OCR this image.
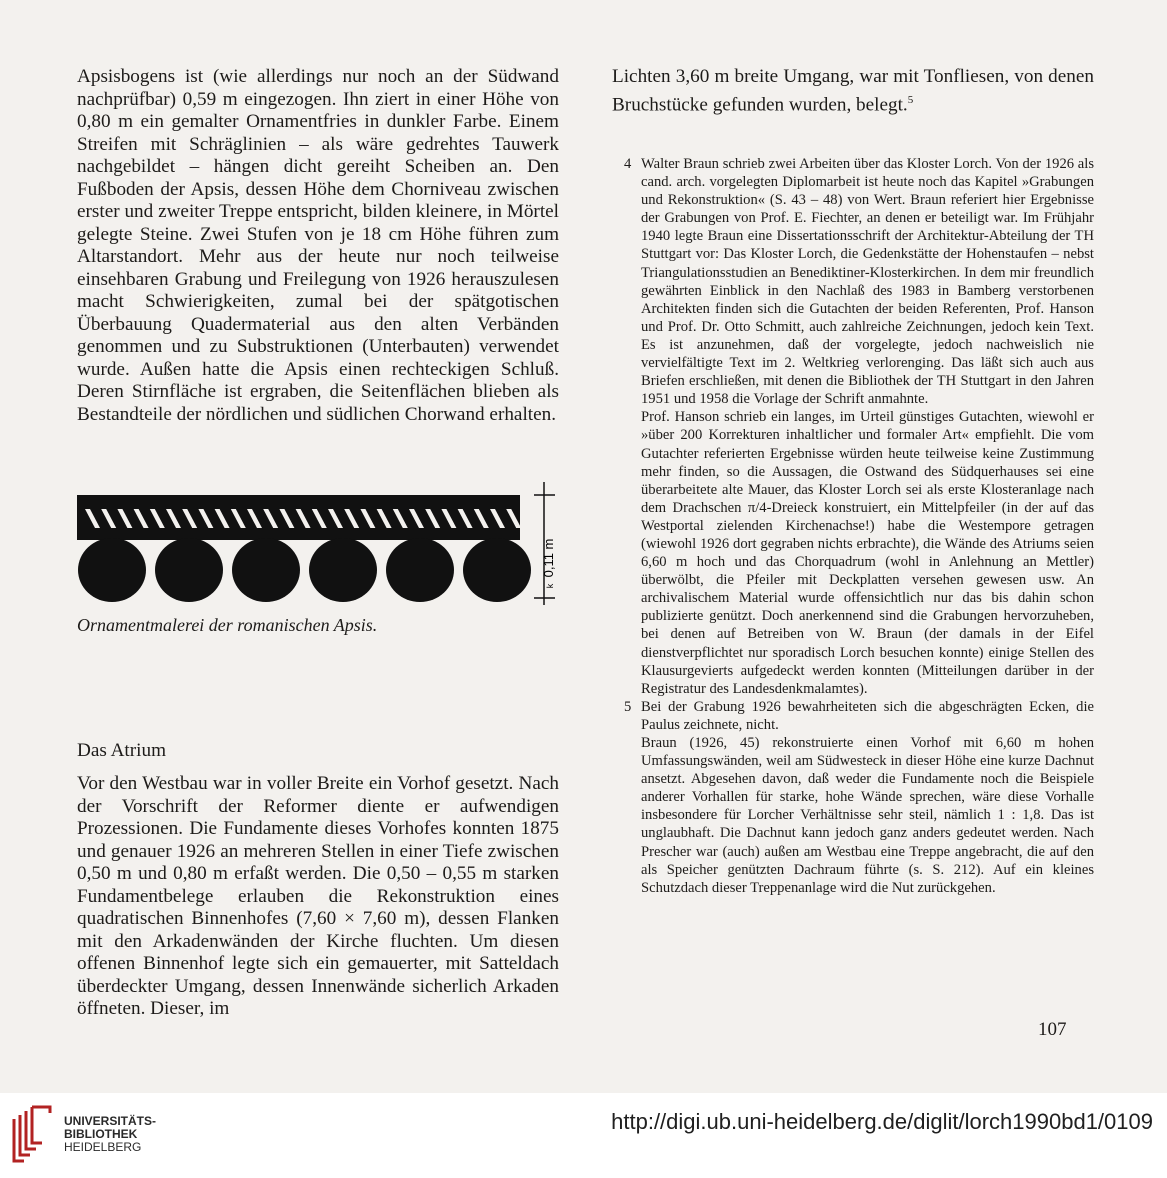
Apsisbogens ist (wie allerdings nur noch an der Südwand nachprüfbar) 0,59 m eingezogen. Ihn ziert in einer Höhe von 0,80 m ein gemalter Ornamentfries in dunkler Farbe. Einem Streifen mit Schräglinien – als wäre gedrehtes Tauwerk nachgebildet – hängen dicht gereiht Scheiben an. Den Fußboden der Apsis, dessen Höhe dem Chorniveau zwischen erster und zweiter Treppe entspricht, bilden kleinere, in Mörtel gelegte Steine. Zwei Stufen von je 18 cm Höhe führen zum Altarstandort. Mehr aus der heute nur noch teilweise einsehbaren Grabung und Freilegung von 1926 herauszulesen macht Schwierigkeiten, zumal bei der spätgotischen Überbauung Quadermaterial aus den alten Verbänden genommen und zu Substruktionen (Unterbauten) verwendet wurde. Außen hatte die Apsis einen rechteckigen Schluß. Deren Stirnfläche ist ergraben, die Seitenflächen blieben als Bestandteile der nördlichen und südlichen Chorwand erhalten.

0,11 m
k
Ornamentmalerei der romanischen Apsis.
Das Atrium

Vor den Westbau war in voller Breite ein Vorhof gesetzt. Nach der Vorschrift der Reformer diente er aufwendigen Prozessionen. Die Fundamente dieses Vorhofes konnten 1875 und genauer 1926 an mehreren Stellen in einer Tiefe zwischen 0,50 m und 0,80 m erfaßt werden. Die 0,50 – 0,55 m starken Fundamentbelege erlauben die Rekonstruktion eines quadratischen Binnenhofes (7,60 × 7,60 m), dessen Flanken mit den Arkadenwänden der Kirche fluchten. Um diesen offenen Binnenhof legte sich ein gemauerter, mit Satteldach überdeckter Umgang, dessen Innenwände sicherlich Arkaden öffneten. Dieser, im

Lichten 3,60 m breite Umgang, war mit Tonfliesen, von denen Bruchstücke gefunden wurden, belegt.$^5$

4 Walter Braun schrieb zwei Arbeiten über das Kloster Lorch. Von der 1926 als cand. arch. vorgelegten Diplomarbeit ist heute noch das Kapitel »Grabungen und Rekonstruktion« (S. 43 – 48) von Wert. Braun referiert hier Ergebnisse der Grabungen von Prof. E. Fiechter, an denen er beteiligt war. Im Frühjahr 1940 legte Braun eine Dissertationsschrift der Architektur-Abteilung der TH Stuttgart vor: Das Kloster Lorch, die Gedenkstätte der Hohenstaufen – nebst Triangulationsstudien an Benediktiner-Klosterkirchen. In dem mir freundlich gewährten Einblick in den Nachlaß des 1983 in Bamberg verstorbenen Architekten finden sich die Gutachten der beiden Referenten, Prof. Hanson und Prof. Dr. Otto Schmitt, auch zahlreiche Zeichnungen, jedoch kein Text. Es ist anzunehmen, daß der vorgelegte, jedoch nachweislich nie vervielfältigte Text im 2. Weltkrieg verlorenging. Das läßt sich auch aus Briefen erschließen, mit denen die Bibliothek der TH Stuttgart in den Jahren 1951 und 1958 die Vorlage der Schrift anmahnte.

Prof. Hanson schrieb ein langes, im Urteil günstiges Gutachten, wiewohl er »über 200 Korrekturen inhaltlicher und formaler Art« empfiehlt. Die vom Gutachter referierten Ergebnisse würden heute teilweise keine Zustimmung mehr finden, so die Aussagen, die Ostwand des Südquerhauses sei eine überarbeitete alte Mauer, das Kloster Lorch sei als erste Klosteranlage nach dem Drachschen π/4-Dreieck konstruiert, ein Mittelpfeiler (in der auf das Westportal zielenden Kirchenachse!) habe die Westempore getragen (wiewohl 1926 dort gegraben nichts erbrachte), die Wände des Atriums seien 6,60 m hoch und das Chorquadrum (wohl in Anlehnung an Mettler) überwölbt, die Pfeiler mit Deckplatten versehen gewesen usw. An archivalischem Material wurde offensichtlich nur das bis dahin schon publizierte genützt. Doch anerkennend sind die Grabungen hervorzuheben, bei denen auf Betreiben von W. Braun (der damals in der Eifel dienstverpflichtet nur sporadisch Lorch besuchen konnte) einige Stellen des Klausurgevierts aufgedeckt werden konnten (Mitteilungen darüber in der Registratur des Landesdenkmalamtes).

5 Bei der Grabung 1926 bewahrheiteten sich die abgeschrägten Ecken, die Paulus zeichnete, nicht.

Braun (1926, 45) rekonstruierte einen Vorhof mit 6,60 m hohen Umfassungswänden, weil am Südwesteck in dieser Höhe eine kurze Dachnut ansetzt. Abgesehen davon, daß weder die Fundamente noch die Beispiele anderer Vorhallen für starke, hohe Wände sprechen, wäre diese Vorhalle insbesondere für Lorcher Verhältnisse sehr steil, nämlich 1 : 1,8. Das ist unglaubhaft. Die Dachnut kann jedoch ganz anders gedeutet werden. Nach Prescher war (auch) außen am Westbau eine Treppe angebracht, die auf den als Speicher genützten Dachraum führte (s. S. 212). Auf ein kleines Schutzdach dieser Treppenanlage wird die Nut zurückgehen.

107
UNIVERSITÄTS-
BIBLIOTHEK
HEIDELBERG
http://digi.ub.uni-heidelberg.de/diglit/lorch1990bd1/0109
